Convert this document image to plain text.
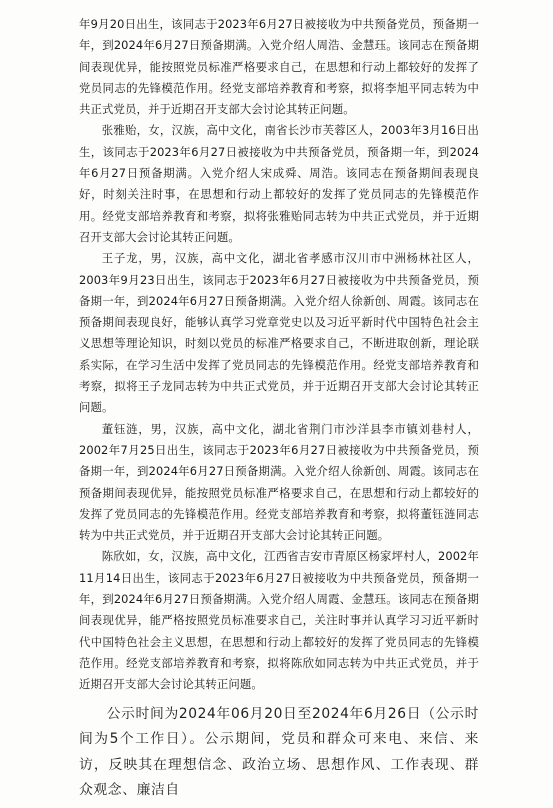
年9月20日出生，该同志于2023年6月27日被接收为中共预备党员，预备期一年，到2024年6月27日预备期满。入党介绍人周浩、金慧珏。该同志在预备期间表现优异，能按照党员标准严格要求自己，在思想和行动上都较好的发挥了党员同志的先锋模范作用。经党支部培养教育和考察，拟将李旭平同志转为中共正式党员，并于近期召开支部大会讨论其转正问题。

张雅贻，女，汉族，高中文化，南省长沙市芙蓉区人，2003年3月16日出生，该同志于2023年6月27日被接收为中共预备党员，预备期一年，到2024年6月27日预备期满。入党介绍人宋成舜、周浩。该同志在预备期间表现良好，时刻关注时事，在思想和行动上都较好的发挥了党员同志的先锋模范作用。经党支部培养教育和考察，拟将张雅贻同志转为中共正式党员，并于近期召开支部大会讨论其转正问题。

王子龙，男，汉族，高中文化，湖北省孝感市汉川市中洲杨林社区人，2003年9月23日出生，该同志于2023年6月27日被接收为中共预备党员，预备期一年，到2024年6月27日预备期满。入党介绍人徐新创、周霞。该同志在预备期间表现良好，能够认真学习党章党史以及习近平新时代中国特色社会主义思想等理论知识，时刻以党员的标准严格要求自己，不断进取创新，理论联系实际，在学习生活中发挥了党员同志的先锋模范作用。经党支部培养教育和考察，拟将王子龙同志转为中共正式党员，并于近期召开支部大会讨论其转正问题。

董钰涟，男，汉族，高中文化，湖北省荆门市沙洋县李市镇刘巷村人，2002年7月25日出生，该同志于2023年6月27日被接收为中共预备党员，预备期一年，到2024年6月27日预备期满。入党介绍人徐新创、周霞。该同志在预备期间表现优异，能按照党员标准严格要求自己，在思想和行动上都较好的发挥了党员同志的先锋模范作用。经党支部培养教育和考察，拟将董钰涟同志转为中共正式党员，并于近期召开支部大会讨论其转正问题。

陈欣如，女，汉族，高中文化，江西省吉安市青原区杨家坪村人，2002年11月14日出生，该同志于2023年6月27日被接收为中共预备党员，预备期一年，到2024年6月27日预备期满。入党介绍人周霞、金慧珏。该同志在预备期间表现优异，能严格按照党员标准要求自己，关注时事并认真学习习近平新时代中国特色社会主义思想，在思想和行动上都较好的发挥了党员同志的先锋模范作用。经党支部培养教育和考察，拟将陈欣如同志转为中共正式党员，并于近期召开支部大会讨论其转正问题。

公示时间为2024年06月20日至2024年6月26日（公示时间为5个工作日）。公示期间，党员和群众可来电、来信、来访，反映其在理想信念、政治立场、思想作风、工作表现、群众观念、廉洁自
